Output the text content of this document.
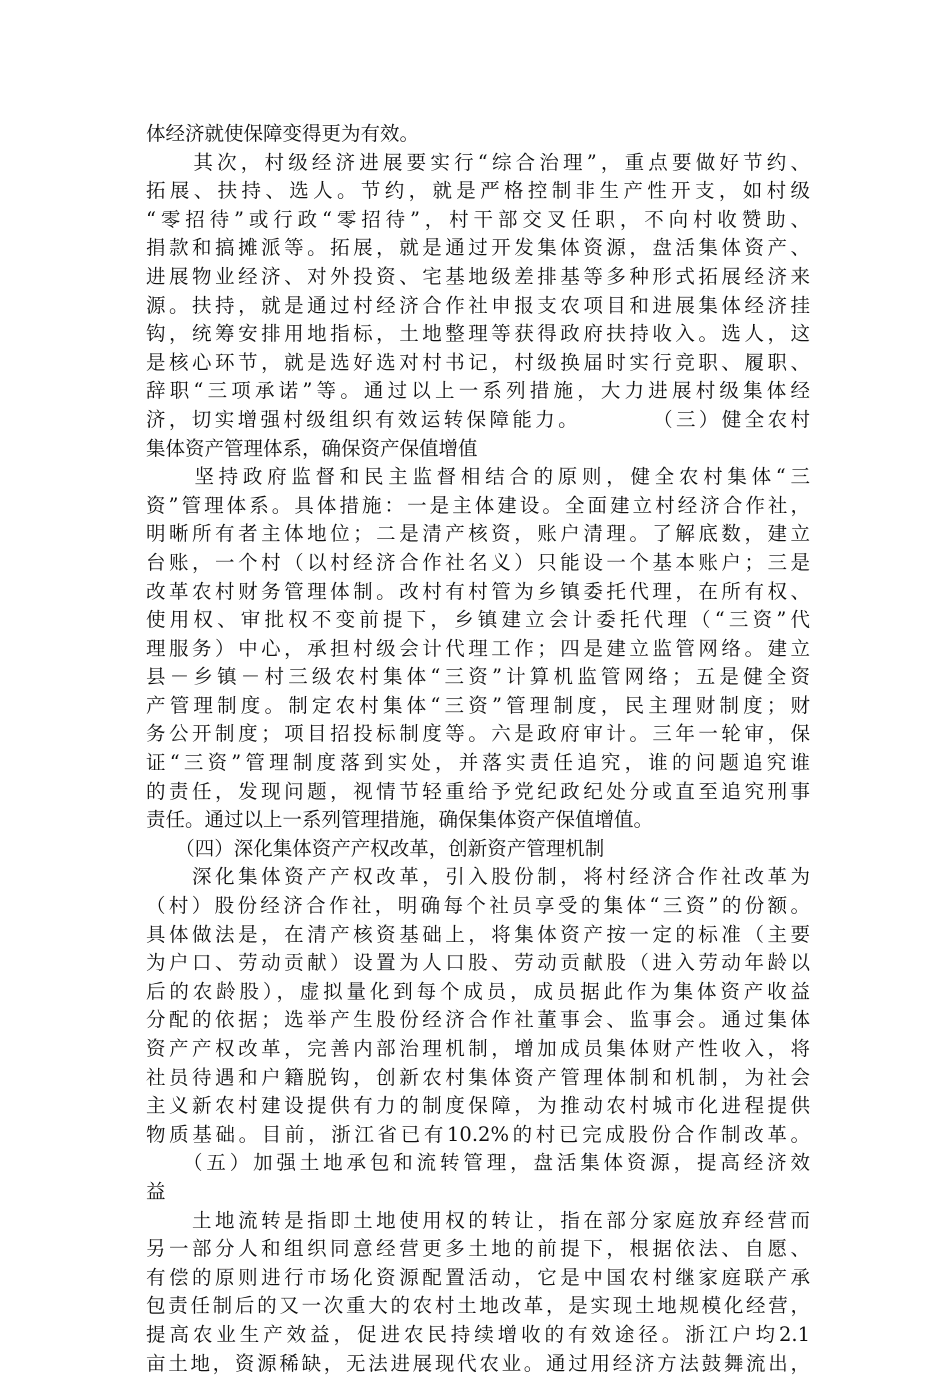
体经济就使保障变得更为有效。
　　其次，村级经济进展要实行“综合治理”，重点要做好节约、
拓展、扶持、选人。节约，就是严格控制非生产性开支，如村级
“零招待”或行政“零招待”，村干部交叉任职，不向村收赞助、
捐款和搞摊派等。拓展，就是通过开发集体资源，盘活集体资产、
进展物业经济、对外投资、宅基地级差排基等多种形式拓展经济来
源。扶持，就是通过村经济合作社申报支农项目和进展集体经济挂
钩，统筹安排用地指标，土地整理等获得政府扶持收入。选人，这
是核心环节，就是选好选对村书记，村级换届时实行竞职、履职、
辞职“三项承诺”等。通过以上一系列措施，大力进展村级集体经
济，切实增强村级组织有效运转保障能力。　　　　（三）健全农村
集体资产管理体系，确保资产保值增值
　　坚持政府监督和民主监督相结合的原则，健全农村集体“三
资”管理体系。具体措施：一是主体建设。全面建立村经济合作社，
明晰所有者主体地位；二是清产核资，账户清理。了解底数，建立
台账，一个村（以村经济合作社名义）只能设一个基本账户；三是
改革农村财务管理体制。改村有村管为乡镇委托代理，在所有权、
使用权、审批权不变前提下，乡镇建立会计委托代理（“三资”代
理服务）中心，承担村级会计代理工作；四是建立监管网络。建立
县－乡镇－村三级农村集体“三资”计算机监管网络；五是健全资
产管理制度。制定农村集体“三资”管理制度，民主理财制度；财
务公开制度；项目招投标制度等。六是政府审计。三年一轮审，保
证“三资”管理制度落到实处，并落实责任追究，谁的问题追究谁
的责任，发现问题，视情节轻重给予党纪政纪处分或直至追究刑事
责任。通过以上一系列管理措施，确保集体资产保值增值。
　　（四）深化集体资产产权改革，创新资产管理机制
　　深化集体资产产权改革，引入股份制，将村经济合作社改革为
（村）股份经济合作社，明确每个社员享受的集体“三资”的份额。
具体做法是，在清产核资基础上，将集体资产按一定的标准（主要
为户口、劳动贡献）设置为人口股、劳动贡献股（进入劳动年龄以
后的农龄股），虚拟量化到每个成员，成员据此作为集体资产收益
分配的依据；选举产生股份经济合作社董事会、监事会。通过集体
资产产权改革，完善内部治理机制，增加成员集体财产性收入，将
社员待遇和户籍脱钩，创新农村集体资产管理体制和机制，为社会
主义新农村建设提供有力的制度保障，为推动农村城市化进程提供
物质基础。目前，浙江省已有10.2%的村已完成股份合作制改革。
　　（五）加强土地承包和流转管理，盘活集体资源，提高经济效
益
　　土地流转是指即土地使用权的转让，指在部分家庭放弃经营而
另一部分人和组织同意经营更多土地的前提下，根据依法、自愿、
有偿的原则进行市场化资源配置活动，它是中国农村继家庭联产承
包责任制后的又一次重大的农村土地改革，是实现土地规模化经营，
提高农业生产效益，促进农民持续增收的有效途径。浙江户均2.1
亩土地，资源稀缺，无法进展现代农业。通过用经济方法鼓舞流出，
